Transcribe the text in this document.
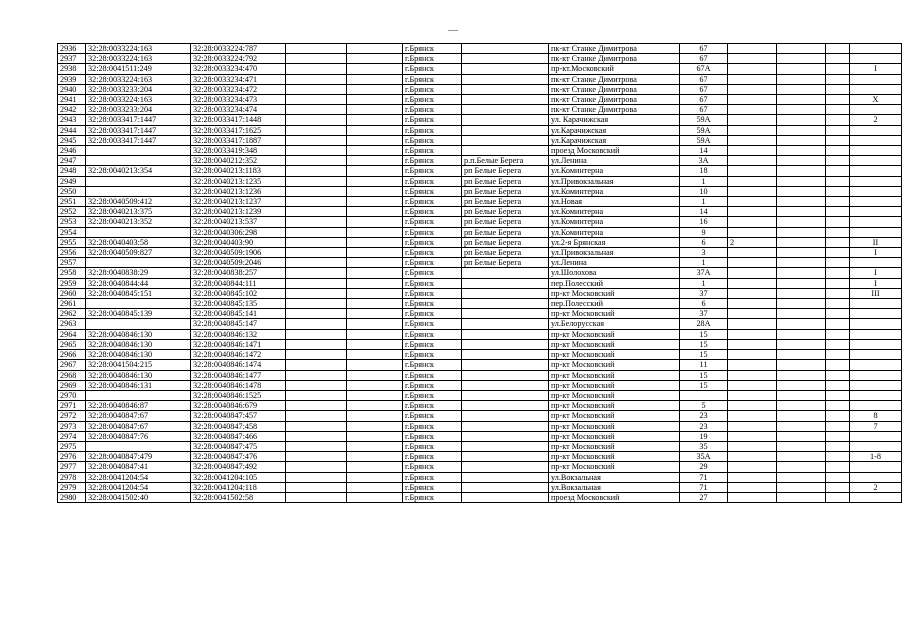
2936	32:28:0033224:163	32:28:0033224:787			г.Брянск		пк-кт Станке Димитрова	67				
2937	32:28:0033224:163	32:28:0033224:792			г.Брянск		пк-кт Станке Димитрова	67				
2938	32:28:0041511:249	32:28:0033234:470			г.Брянск		пр-кт.Московский	67А				I
2939	32:28:0033224:163	32:28:0033234:471			г.Брянск		пк-кт Станке Димитрова	67				
2940	32:28:0033233:204	32:28:0033234:472			г.Брянск		пк-кт Станке Димитрова	67				
2941	32:28:0033224:163	32:28:0033234:473			г.Брянск		пк-кт Станке Димитрова	67				X
2942	32:28:0033233:204	32:28:0033234:474			г.Брянск		пк-кт Станке Димитрова	67				
2943	32:28:0033417:1447	32:28:0033417:1448			г.Брянск		ул. Карачижская	59А				2
2944	32:28:0033417:1447	32:28:0033417:1625			г.Брянск		ул.Карачижская	59А				
2945	32:28:0033417:1447	32:28:0033417:1887			г.Брянск		ул.Карачижская	59А				
2946		32:28:0033419:348			г.Брянск		проезд Московский	14				
2947		32:28:0040212:352			г.Брянск	р.п.Белые Берега	ул.Ленина	3А				
2948	32:28:0040213:354	32:28:0040213:1183			г.Брянск	рп Белые Берега	ул.Коминтерна	18				
2949		32:28:0040213:1235			г.Брянск	рп Белые Берега	ул.Привокзальная	1				
2950		32:28:0040213:1236			г.Брянск	рп Белые Берега	ул.Коминтерна	10				
2951	32:28:0040509:412	32:28:0040213:1237			г.Брянск	рп Белые Берега	ул.Новая	1				
2952	32:28:0040213:375	32:28:0040213:1239			г.Брянск	рп Белые Берега	ул.Коминтерна	14				
2953	32:28:0040213:352	32:28:0040213:537			г.Брянск	рп Белые Берега	ул.Коминтерна	16				
2954		32:28:0040306:298			г.Брянск	рп Белые Берега	ул.Коминтерна	9				
2955	32:28:0040403:58	32:28:0040403:90			г.Брянск	рп Белые Берега	ул.2-я Брянская	6	2			II
2956	32:28:0040509:827	32:28:0040509:1906			г.Брянск	рп Белые Берега	ул.Привокзальная	3				I
2957		32:28:0040509:2046			г.Брянск	рп Белые Берега	ул.Ленина	1				
2958	32:28:0040838:29	32:28:0040838:257			г.Брянск		ул.Шолохова	37А				I
2959	32:28:0040844:44	32:28:0040844:111			г.Брянск		пер.Полесский	1				I
2960	32:28:0040845:151	32:28:0040845:102			г.Брянск		пр-кт Московский	37				III
2961		32:28:0040845:135			г.Брянск		пер.Полесский	6				
2962	32:28:0040845:139	32:28:0040845:141			г.Брянск		пр-кт Московский	37				
2963		32:28:0040845:147			г.Брянск		ул.Белорусская	28А				
2964	32:28:0040846:130	32:28:0040846:132			г.Брянск		пр-кт Московский	15				
2965	32:28:0040846:130	32:28:0040846:1471			г.Брянск		пр-кт Московский	15				
2966	32:28:0040846:130	32:28:0040846:1472			г.Брянск		пр-кт Московский	15				
2967	32:28:0041504:215	32:28:0040846:1474			г.Брянск		пр-кт Московский	11				
2968	32:28:0040846:130	32:28:0040846:1477			г.Брянск		пр-кт Московский	15				
2969	32:28:0040846:131	32:28:0040846:1478			г.Брянск		пр-кт Московский	15				
2970		32:28:0040846:1525			г.Брянск		пр-кт Московский					
2971	32:28:0040846:87	32:28:0040846:679			г.Брянск		пр-кт Московский	5				
2972	32:28:0040847:67	32:28:0040847:457			г.Брянск		пр-кт Московский	23				8
2973	32:28:0040847:67	32:28:0040847:458			г.Брянск		пр-кт Московский	23				7
2974	32:28:0040847:76	32:28:0040847:466			г.Брянск		пр-кт Московский	19				
2975		32:28:0040847:475			г.Брянск		пр-кт Московский	35				
2976	32:28:0040847:479	32:28:0040847:476			г.Брянск		пр-кт Московский	35А				1-8
2977	32:28:0040847:41	32:28:0040847:492			г.Брянск		пр-кт Московский	29				
2978	32:28:0041204:54	32:28:0041204:105			г.Брянск		ул.Вокзальная	71				
2979	32:28:0041204:54	32:28:0041204:118			г.Брянск		ул.Вокзальная	71				2
2980	32:28:0041502:40	32:28:0041502:58			г.Брянск		проезд Московский	27				
